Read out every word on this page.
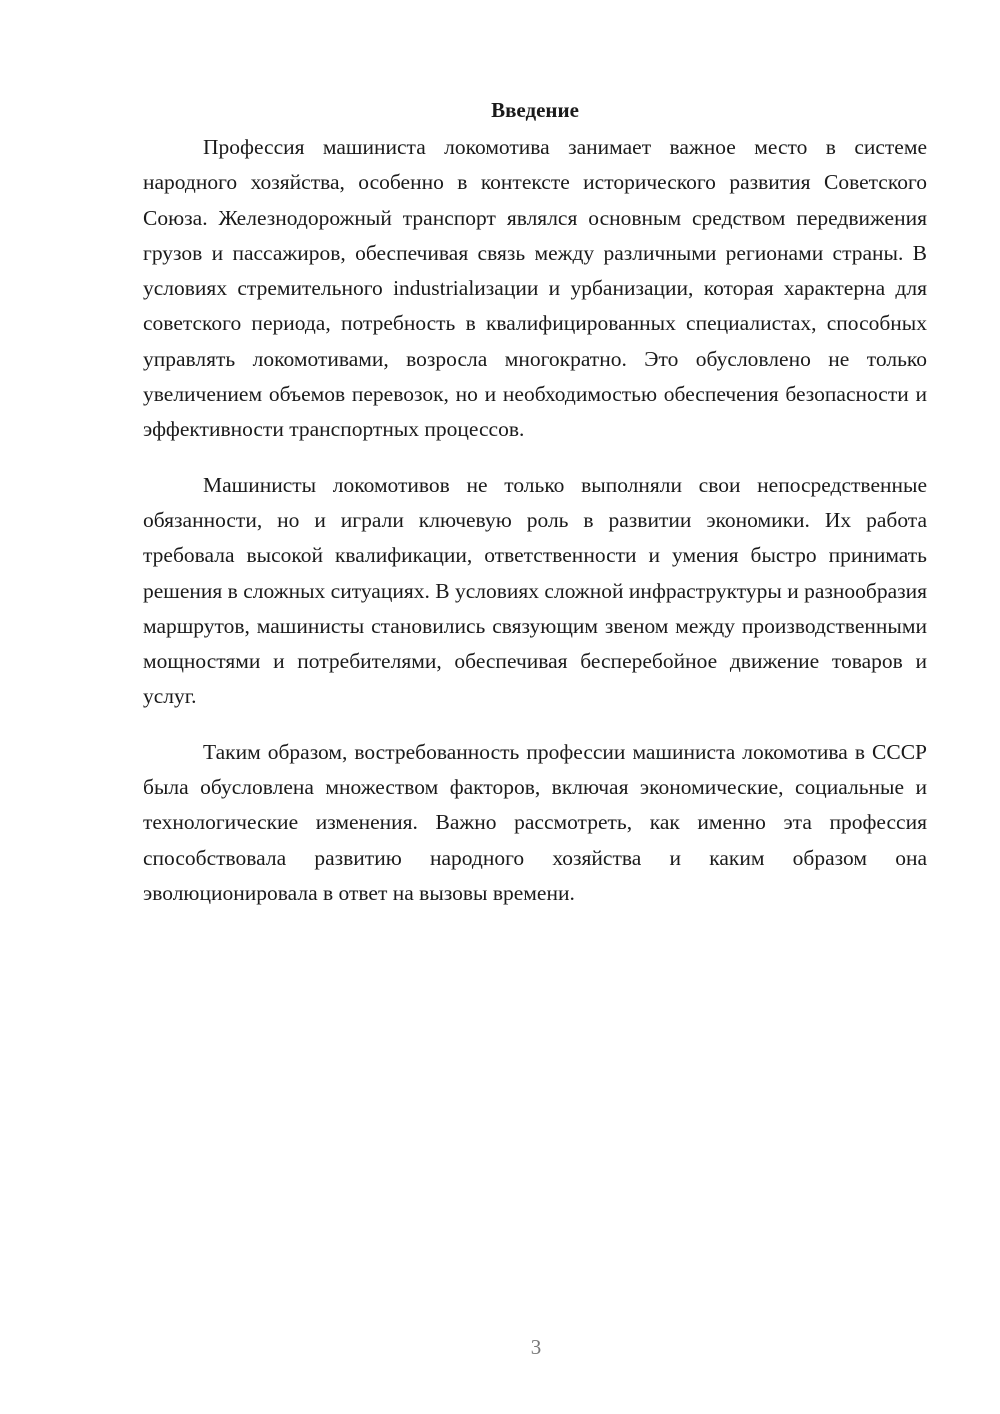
Введение

Профессия машиниста локомотива занимает важное место в системе народного хозяйства, особенно в контексте исторического развития Советского Союза. Железнодорожный транспорт являлся основным средством передвижения грузов и пассажиров, обеспечивая связь между различными регионами страны. В условиях стремительного industrialизации и урбанизации, которая характерна для советского периода, потребность в квалифицированных специалистах, способных управлять локомотивами, возросла многократно. Это обусловлено не только увеличением объемов перевозок, но и необходимостью обеспечения безопасности и эффективности транспортных процессов.

Машинисты локомотивов не только выполняли свои непосредственные обязанности, но и играли ключевую роль в развитии экономики. Их работа требовала высокой квалификации, ответственности и умения быстро принимать решения в сложных ситуациях. В условиях сложной инфраструктуры и разнообразия маршрутов, машинисты становились связующим звеном между производственными мощностями и потребителями, обеспечивая бесперебойное движение товаров и услуг.

Таким образом, востребованность профессии машиниста локомотива в СССР была обусловлена множеством факторов, включая экономические, социальные и технологические изменения. Важно рассмотреть, как именно эта профессия способствовала развитию народного хозяйства и каким образом она эволюционировала в ответ на вызовы времени.

3
